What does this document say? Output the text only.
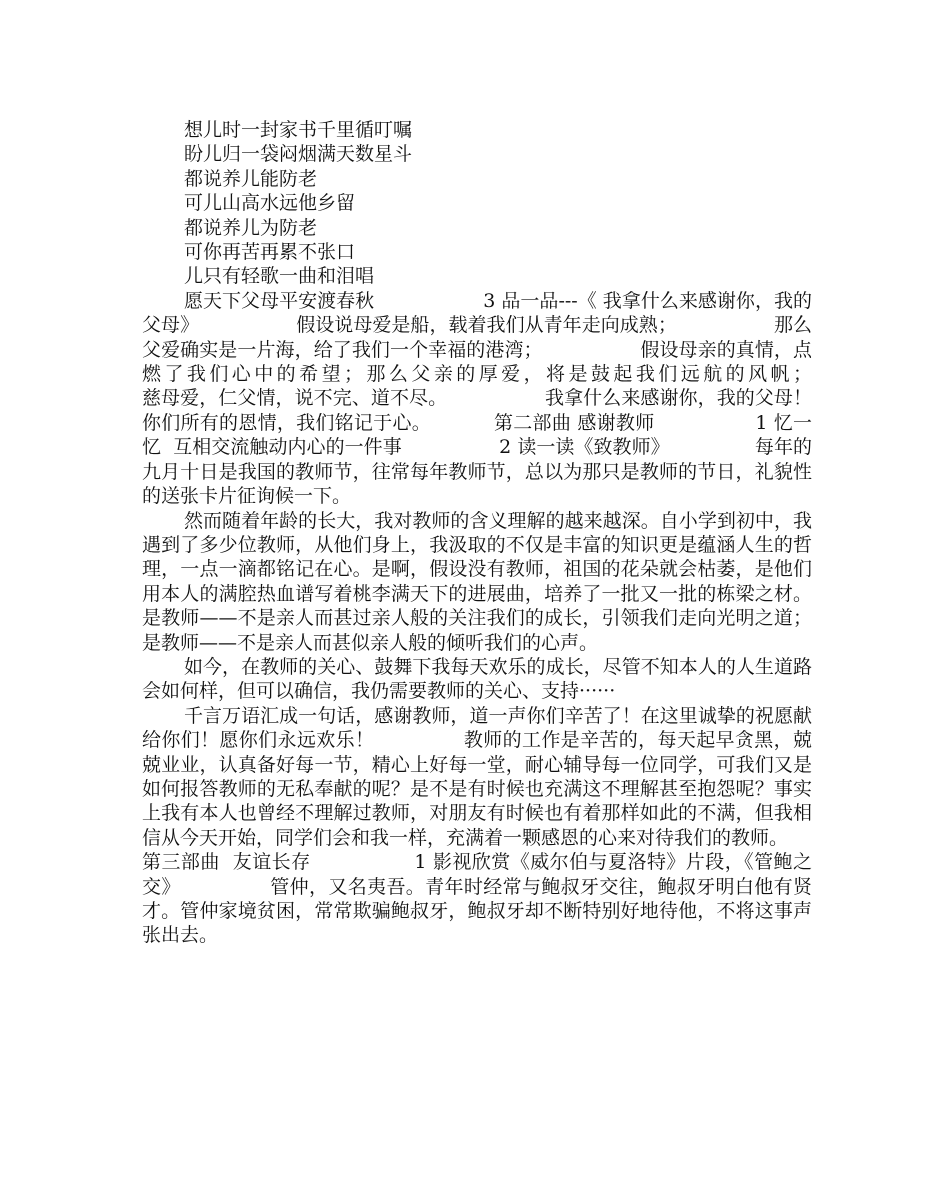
想儿时一封家书千里循叮嘱

盼儿归一袋闷烟满天数星斗

都说养儿能防老

可儿山高水远他乡留

都说养儿为防老

可你再苦再累不张口

儿只有轻歌一曲和泪唱

愿天下父母平安渡春秋                  3 品一品---《 我拿什么来感谢你，我的父母》                假设说母爱是船，载着我们从青年走向成熟；                那么父爱确实是一片海，给了我们一个幸福的港湾；                假设母亲的真情，点燃了我们心中的希望；那么父亲的厚爱，将是鼓起我们远航的风帆；                    慈母爱，仁父情，说不完、道不尽。                我拿什么来感谢你，我的父母！            你们所有的恩情，我们铭记于心。          第二部曲 感谢教师                1 忆一忆  互相交流触动内心的一件事                2 读一读《致教师》              每年的九月十日是我国的教师节，往常每年教师节，总以为那只是教师的节日，礼貌性的送张卡片征询候一下。

然而随着年龄的长大，我对教师的含义理解的越来越深。自小学到初中，我遇到了多少位教师，从他们身上，我汲取的不仅是丰富的知识更是蕴涵人生的哲理，一点一滴都铭记在心。是啊，假设没有教师，祖国的花朵就会枯萎，是他们用本人的满腔热血谱写着桃李满天下的进展曲，培养了一批又一批的栋梁之材。是教师——不是亲人而甚过亲人般的关注我们的成长，引领我们走向光明之道；是教师——不是亲人而甚似亲人般的倾听我们的心声。

如今，在教师的关心、鼓舞下我每天欢乐的成长，尽管不知本人的人生道路会如何样，但可以确信，我仍需要教师的关心、支持······

千言万语汇成一句话，感谢教师，道一声你们辛苦了！在这里诚挚的祝愿献给你们！愿你们永远欢乐！              教师的工作是辛苦的，每天起早贪黑，兢兢业业，认真备好每一节，精心上好每一堂，耐心辅导每一位同学，可我们又是如何报答教师的无私奉献的呢？是不是有时候也充满这不理解甚至抱怨呢？事实上我有本人也曾经不理解过教师，对朋友有时候也有着那样如此的不满，但我相信从今天开始，同学们会和我一样，充满着一颗感恩的心来对待我们的教师。

第三部曲  友谊长存                1 影视欣赏《威尔伯与夏洛特》片段，《管鲍之交》              管仲，又名夷吾。青年时经常与鲍叔牙交往，鲍叔牙明白他有贤才。管仲家境贫困，常常欺骗鲍叔牙，鲍叔牙却不断特别好地待他，不将这事声张出去。
